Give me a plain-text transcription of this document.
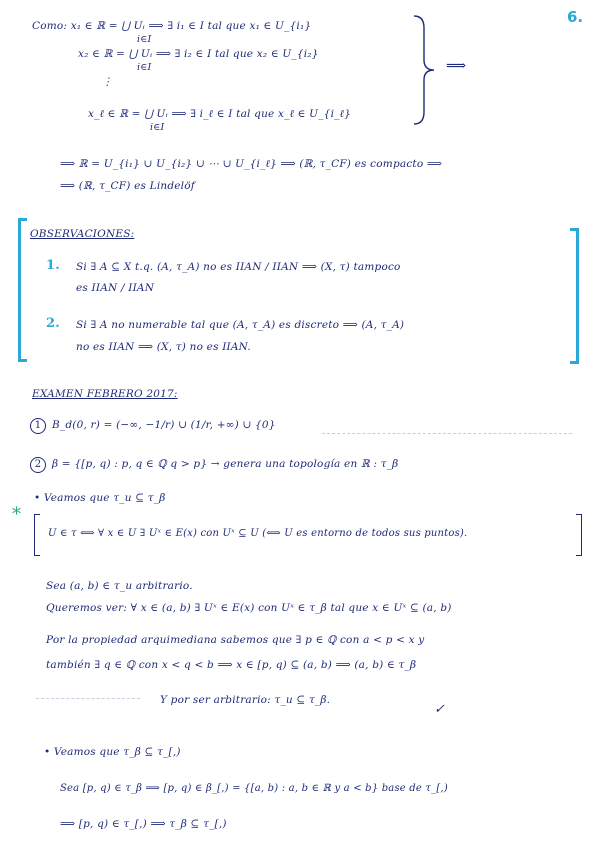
6.
Como: x₁ ∈ ℝ = ⋃ Uᵢ ⟹ ∃ i₁ ∈ I tal que x₁ ∈ U_{i₁}
i∈I
x₂ ∈ ℝ = ⋃ Uᵢ ⟹ ∃ i₂ ∈ I tal que x₂ ∈ U_{i₂}
i∈I
⋮
x_ℓ ∈ ℝ = ⋃ Uᵢ ⟹ ∃ i_ℓ ∈ I tal que x_ℓ ∈ U_{i_ℓ}
i∈I
⟹
⟹ ℝ = U_{i₁} ∪ U_{i₂} ∪ ⋯ ∪ U_{i_ℓ} ⟹ (ℝ, τ_CF) es compacto ⟹
⟹ (ℝ, τ_CF) es Lindelöf
OBSERVACIONES:
1. Si ∃ A ⊆ X t.q. (A, τ_A) no es IIAN / IIAN ⟹ (X, τ) tampoco
es IIAN / IIAN
2. Si ∃ A no numerable tal que (A, τ_A) es discreto ⟹ (A, τ_A)
no es IIAN ⟹ (X, τ) no es IIAN.
EXAMEN FEBRERO 2017:
1 B_d(0, r) = (−∞, −1/r) ∪ (1/r, +∞) ∪ {0}
2 β = {[p, q) : p, q ∈ ℚ q > p} → genera una topología en ℝ : τ_β
• Veamos que τ_u ⊆ τ_β
*
U ∈ τ ⟺ ∀ x ∈ U ∃ Uˣ ∈ E(x) con Uˣ ⊆ U (⟺ U es entorno de todos sus puntos).
Sea (a, b) ∈ τ_u arbitrario.
Queremos ver: ∀ x ∈ (a, b) ∃ Uˣ ∈ E(x) con Uˣ ∈ τ_β tal que x ∈ Uˣ ⊆ (a, b)
Por la propiedad arquimediana sabemos que ∃ p ∈ ℚ con a < p < x y
también ∃ q ∈ ℚ con x < q < b ⟹ x ∈ [p, q) ⊆ (a, b) ⟹ (a, b) ∈ τ_β
Y por ser arbitrario: τ_u ⊆ τ_β.
✓
• Veamos que τ_β ⊆ τ_[,)
Sea [p, q) ∈ τ_β ⟹ [p, q) ∈ β_[,) = {[a, b) : a, b ∈ ℝ y a < b} base de τ_[,)
⟹ [p, q) ∈ τ_[,) ⟹ τ_β ⊆ τ_[,)
